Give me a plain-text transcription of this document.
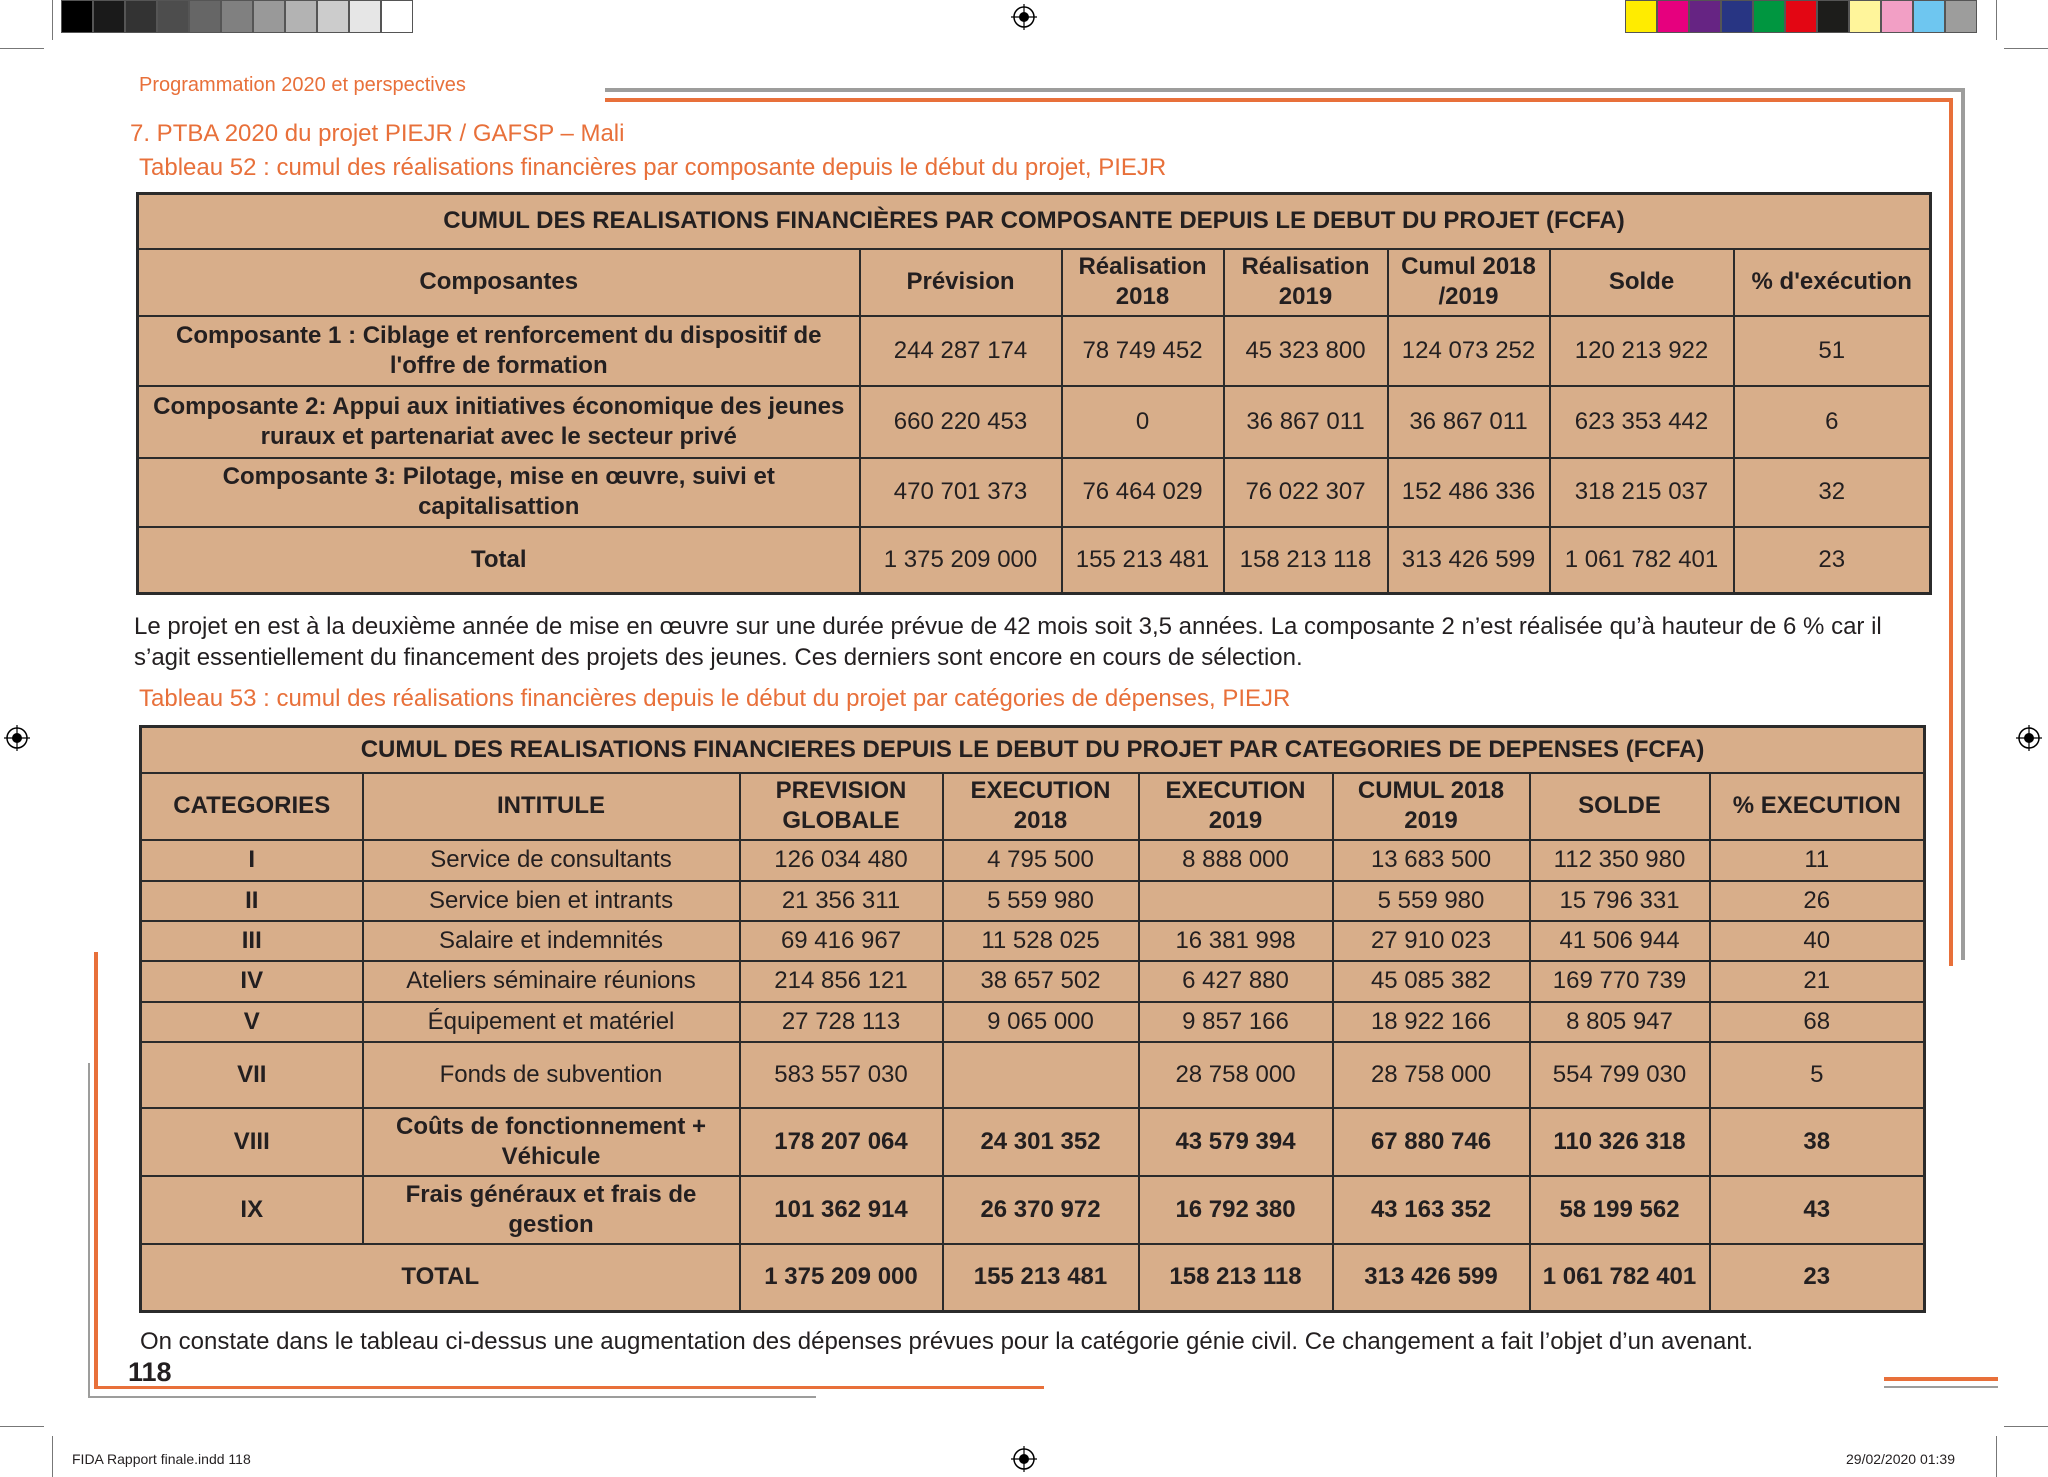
Programmation 2020 et perspectives
7. PTBA 2020 du projet PIEJR / GAFSP – Mali
Tableau 52 : cumul des réalisations financières par composante depuis le début du projet, PIEJR
CUMUL DES REALISATIONS FINANCIÈRES PAR COMPOSANTE DEPUIS LE DEBUT DU PROJET (FCFA)						
Composantes	Prévision	Réalisation 2018	Réalisation 2019	Cumul 2018 /2019	Solde	% d'exécution
Composante 1 : Ciblage et renforcement du dispositif de l'offre de formation	244 287 174	78 749 452	45 323 800	124 073 252	120 213 922	51
Composante 2: Appui aux initiatives économique des jeunes ruraux et partenariat avec le secteur privé	660 220 453	0	36 867 011	36 867 011	623 353 442	6
Composante 3: Pilotage, mise en œuvre, suivi et capitalisattion	470 701 373	76 464 029	76 022 307	152 486 336	318 215 037	32
Total	1 375 209 000	155 213 481	158 213 118	313 426 599	1 061 782 401	23
Le projet en est à la deuxième année de mise en œuvre sur une durée prévue de 42 mois soit 3,5 années. La composante 2 n’est réalisée qu’à hauteur de 6 % car il s’agit essentiellement du financement des projets des jeunes. Ces derniers sont encore en cours de sélection.
Tableau 53 : cumul des réalisations financières depuis le début du projet par catégories de dépenses, PIEJR
CUMUL DES REALISATIONS FINANCIERES DEPUIS LE DEBUT DU PROJET PAR CATEGORIES DE DEPENSES (FCFA)							
CATEGORIES	INTITULE	PREVISION GLOBALE	EXECUTION 2018	EXECUTION 2019	CUMUL 2018 2019	SOLDE	% EXECUTION
I	Service de consultants	126 034 480	4 795 500	8 888 000	13 683 500	112 350 980	11
II	Service bien et intrants	21 356 311	5 559 980		5 559 980	15 796 331	26
III	Salaire et indemnités	69 416 967	11 528 025	16 381 998	27 910 023	41 506 944	40
IV	Ateliers séminaire réunions	214 856 121	38 657 502	6 427 880	45 085 382	169 770 739	21
V	Équipement et matériel	27 728 113	9 065 000	9 857 166	18 922 166	8 805 947	68
VII	Fonds de subvention	583 557 030		28 758 000	28 758 000	554 799 030	5
VIII	Coûts de fonctionnement + Véhicule	178 207 064	24 301 352	43 579 394	67 880 746	110 326 318	38
IX	Frais généraux et frais de gestion	101 362 914	26 370 972	16 792 380	43 163 352	58 199 562	43
TOTAL		1 375 209 000	155 213 481	158 213 118	313 426 599	1 061 782 401	23
On constate dans le tableau ci-dessus une augmentation des dépenses prévues pour la catégorie génie civil. Ce changement a fait l’objet d’un avenant.
118
FIDA Rapport finale.indd 118	29/02/2020 01:39
